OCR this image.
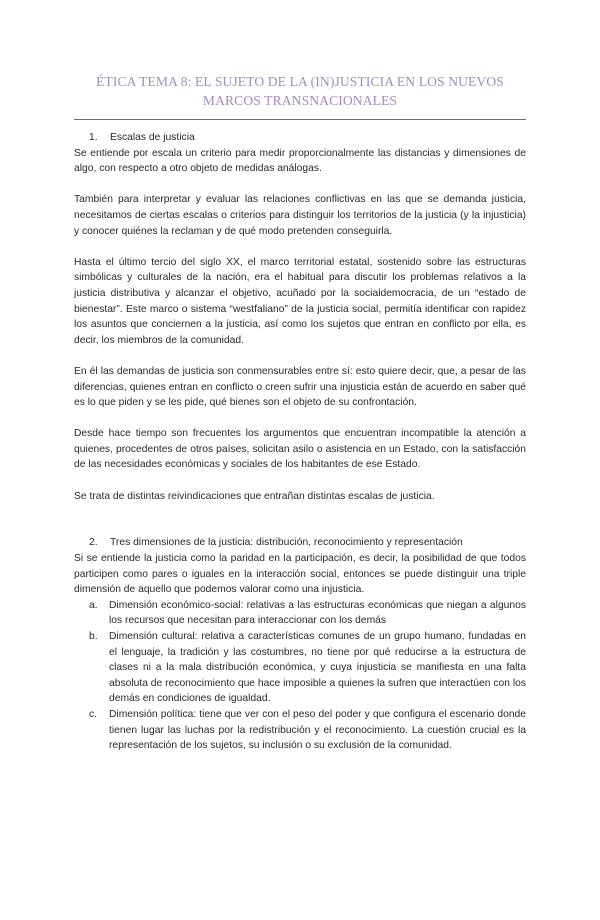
ÉTICA TEMA 8: EL SUJETO DE LA (IN)JUSTICIA EN LOS NUEVOS
MARCOS TRANSNACIONALES

1. Escalas de justicia

Se entiende por escala un criterio para medir proporcionalmente las distancias y dimensiones de algo, con respecto a otro objeto de medidas análogas.

También para interpretar y evaluar las relaciones conflictivas en las que se demanda justicia, necesitamos de ciertas escalas o criterios para distinguir los territorios de la justicia (y la injusticia) y conocer quiénes la reclaman y de qué modo pretenden conseguirla.

Hasta el último tercio del siglo XX, el marco territorial estatal, sostenido sobre las estructuras simbólicas y culturales de la nación, era el habitual para discutir los problemas relativos a la justicia distributiva y alcanzar el objetivo, acuñado por la socialdemocracia, de un “estado de bienestar”. Este marco o sistema “westfaliano” de la justicia social, permitía identificar con rapidez los asuntos que conciernen a la justicia, así como los sujetos que entran en conflicto por ella, es decir, los miembros de la comunidad.

En él las demandas de justicia son conmensurables entre sí: esto quiere decir, que, a pesar de las diferencias, quienes entran en conflicto o creen sufrir una injusticia están de acuerdo en saber qué es lo que piden y se les pide, qué bienes son el objeto de su confrontación.

Desde hace tiempo son frecuentes los argumentos que encuentran incompatible la atención a quienes, procedentes de otros países, solicitan asilo o asistencia en un Estado, con la satisfacción de las necesidades económicas y sociales de los habitantes de ese Estado.

Se trata de distintas reivindicaciones que entrañan distintas escalas de justicia.

2. Tres dimensiones de la justicia: distribución, reconocimiento y representación

Si se entiende la justicia como la paridad en la participación, es decir, la posibilidad de que todos participen como pares o iguales en la interacción social, entonces se puede distinguir una triple dimensión de aquello que podemos valorar como una injusticia.

a. Dimensión económico-social: relativas a las estructuras económicas que niegan a algunos los recursos que necesitan para interaccionar con los demás
b. Dimensión cultural: relativa a características comunes de un grupo humano, fundadas en el lenguaje, la tradición y las costumbres, no tiene por qué reducirse a la estructura de clases ni a la mala distribución económica, y cuya injusticia se manifiesta en una falta absoluta de reconocimiento que hace imposible a quienes la sufren que interactúen con los demás en condiciones de igualdad.
c. Dimensión política: tiene que ver con el peso del poder y que configura el escenario donde tienen lugar las luchas por la redistribución y el reconocimiento. La cuestión crucial es la representación de los sujetos, su inclusión o su exclusión de la comunidad.
